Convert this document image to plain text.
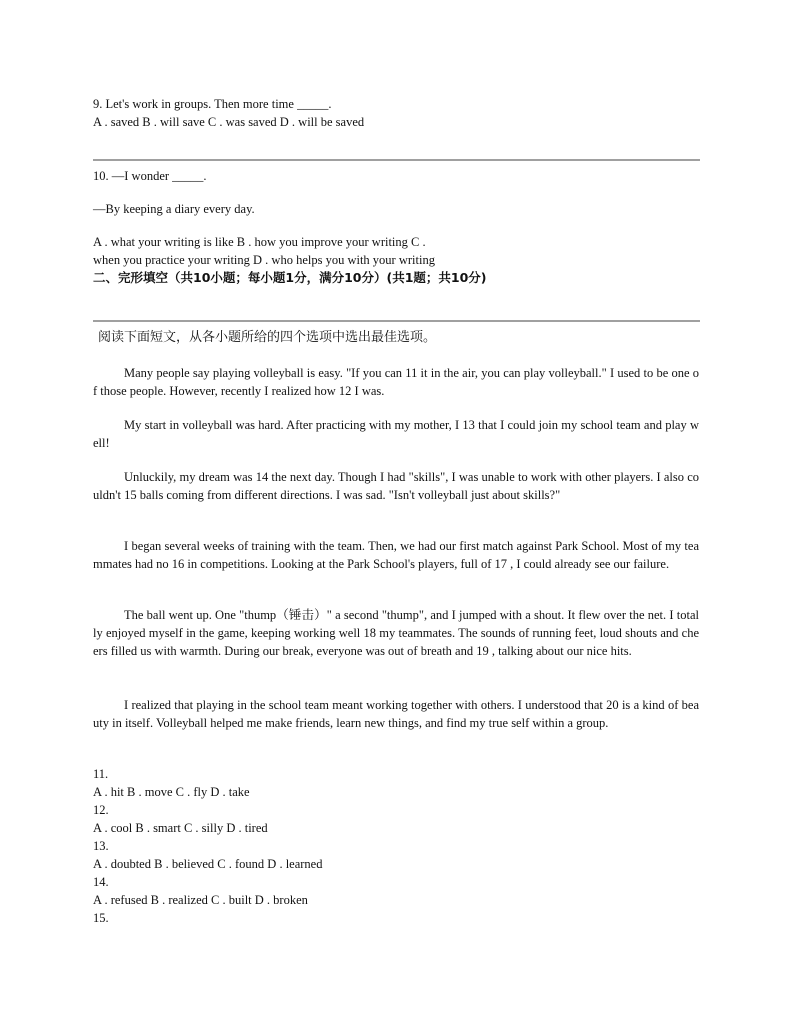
9. Let's work in groups. Then more time _____.
A . saved B . will save C . was saved D . will be saved
10. —I wonder _____.
—By keeping a diary every day.
A . what your writing is like B . how you improve your writing C .
when you practice your writing D . who helps you with your writing
二、完形填空（共10小题；每小题1分，满分10分）(共1题；共10分)
阅读下面短文，从各小题所给的四个选项中选出最佳选项。
Many people say playing volleyball is easy. "If you can 11 it in the air, you can play volleyball." I used to be one of those people. However, recently I realized how 12 I was.
My start in volleyball was hard. After practicing with my mother, I 13 that I could join my school team and play well!
Unluckily, my dream was 14 the next day. Though I had "skills", I was unable to work with other players. I also couldn't 15 balls coming from different directions. I was sad. "Isn't volleyball just about skills?"
I began several weeks of training with the team. Then, we had our first match against Park School. Most of my teammates had no 16 in competitions. Looking at the Park School's players, full of 17 , I could already see our failure.
The ball went up. One "thump（锤击）" a second "thump", and I jumped with a shout. It flew over the net. I totally enjoyed myself in the game, keeping working well 18 my teammates. The sounds of running feet, loud shouts and cheers filled us with warmth. During our break, everyone was out of breath and 19 , talking about our nice hits.
I realized that playing in the school team meant working together with others. I understood that 20 is a kind of beauty in itself. Volleyball helped me make friends, learn new things, and find my true self within a group.
11.
A . hit B . move C . fly D . take
12.
A . cool B . smart C . silly D . tired
13.
A . doubted B . believed C . found D . learned
14.
A . refused B . realized C . built D . broken
15.
